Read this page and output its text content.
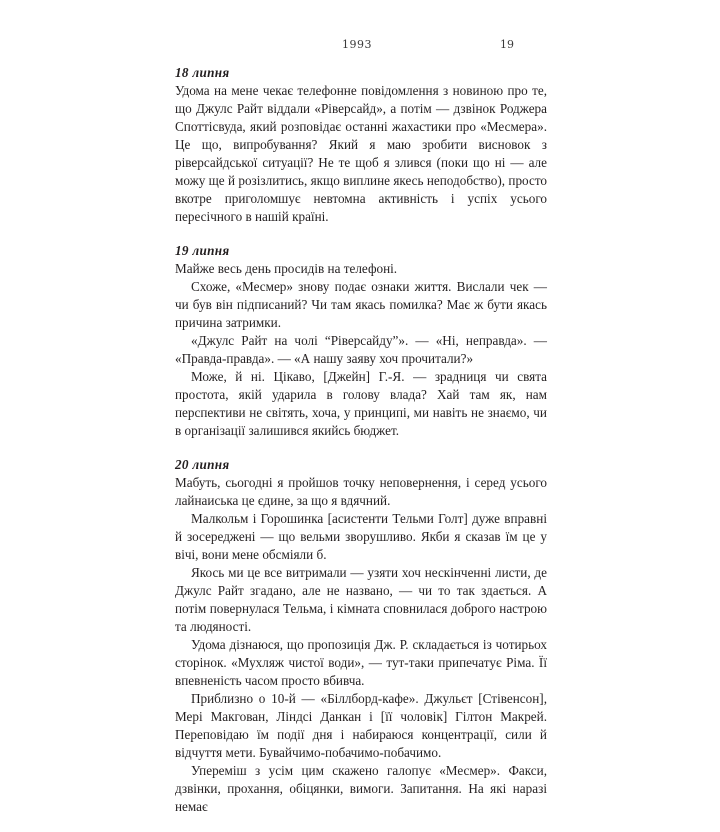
1993	19

18 липня

Удома на мене чекає телефонне повідомлення з новиною про те, що Джулс Райт віддали «Ріверсайд», а потім — дзвінок Роджера Споттісвуда, який розповідає останні жахастики про «Месмера». Це що, випробування? Який я маю зробити висновок з ріверсайдської ситуації? Не те щоб я злився (поки що ні — але можу ще й розізлитись, якщо виплине якесь неподобство), просто вкотре приголомшує невтомна активність і успіх усього пересічного в нашій країні.

19 липня

Майже весь день просидів на телефоні.

Схоже, «Месмер» знову подає ознаки життя. Вислали чек — чи був він підписаний? Чи там якась помилка? Має ж бути якась причина затримки.

«Джулс Райт на чолі “Ріверсайду”». — «Ні, неправда». — «Правда-правда». — «А нашу заяву хоч прочитали?»

Може, й ні. Цікаво, [Джейн] Г.-Я. — зрадниця чи свята простота, якій ударила в голову влада? Хай там як, нам перспективи не світять, хоча, у принципі, ми навіть не знаємо, чи в організації залишився якийсь бюджет.

20 липня

Мабуть, сьогодні я пройшов точку неповернення, і серед усього лайнаиська це єдине, за що я вдячний.

Малкольм і Горошинка [асистенти Тельми Голт] дуже вправні й зосереджені — що вельми зворушливо. Якби я сказав їм це у вічі, вони мене обсміяли б.

Якось ми це все витримали — узяти хоч нескінченні листи, де Джулс Райт згадано, але не названо, — чи то так здається. А потім повернулася Тельма, і кімната сповнилася доброго настрою та людяності.

Удома дізнаюся, що пропозиція Дж. Р. складається із чотирьох сторінок. «Мухляж чистої води», — тут-таки припечатує Ріма. Її впевненість часом просто вбивча.

Приблизно о 10-й — «Біллборд-кафе». Джульєт [Стівенсон], Мері Макгован, Ліндсі Данкан і [її чоловік] Гілтон Макрей. Переповідаю їм події дня і набираюся концентрації, сили й відчуття мети. Бувайчимо-побачимо-побачимо.

Упереміш з усім цим скажено галопує «Месмер». Факси, дзвінки, прохання, обіцянки, вимоги. Запитання. На які наразі немає
